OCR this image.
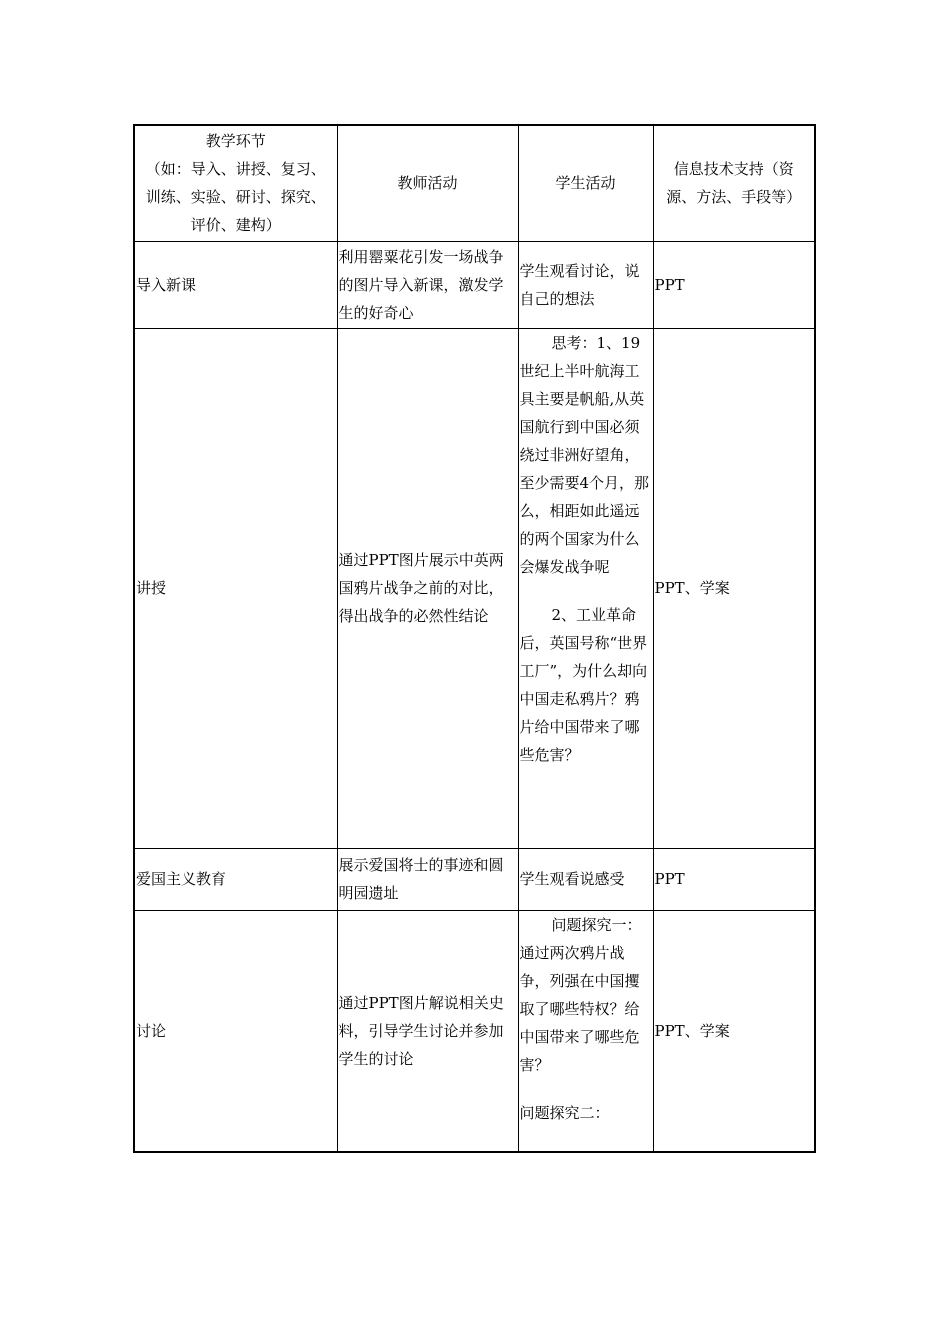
教学环节
（如：导入、讲授、复习、
训练、实验、研讨、探究、
评价、建构）	教师活动	学生活动	信息技术支持（资
源、方法、手段等）

导入新课	利用罂粟花引发一场战争的图片导入新课，激发学生的好奇心	学生观看讨论，说自己的想法	PPT
讲授	通过PPT图片展示中英两国鸦片战争之前的对比，得出战争的必然性结论	思考：1、19世纪上半叶航海工具主要是帆船,从英国航行到中国必须绕过非洲好望角，至少需要4个月，那么，相距如此遥远的两个国家为什么会爆发战争呢
2、工业革命后，英国号称“世界工厂”，为什么却向中国走私鸦片？鸦片给中国带来了哪些危害？	PPT、学案
爱国主义教育	展示爱国将士的事迹和圆明园遗址	学生观看说感受	PPT
讨论	通过PPT图片解说相关史料，引导学生讨论并参加学生的讨论	问题探究一：通过两次鸦片战争，列强在中国攫取了哪些特权？给中国带来了哪些危害？
问题探究二：	PPT、学案
